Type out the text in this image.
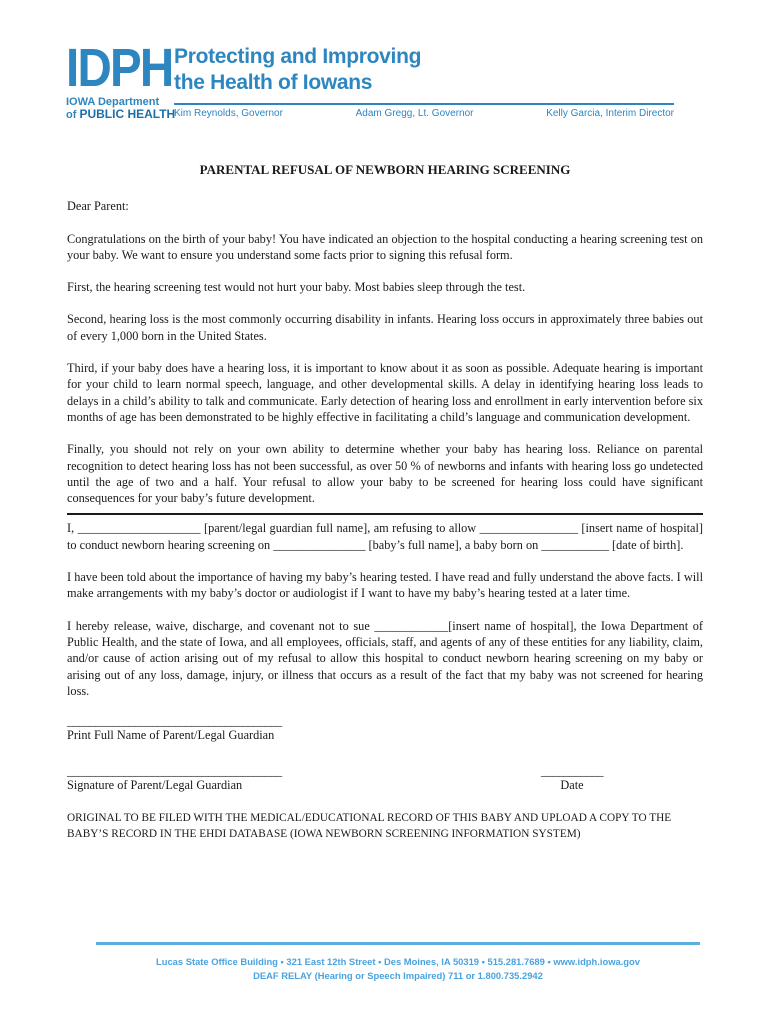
IDPH
IOWA Department
of PUBLIC HEALTH
Protecting and Improving
the Health of Iowans
Kim Reynolds, Governor	Adam Gregg, Lt. Governor	Kelly Garcia, Interim Director
PARENTAL REFUSAL OF NEWBORN HEARING SCREENING

Dear Parent:

Congratulations on the birth of your baby! You have indicated an objection to the hospital conducting a hearing screening test on your baby. We want to ensure you understand some facts prior to signing this refusal form.

First, the hearing screening test would not hurt your baby. Most babies sleep through the test.

Second, hearing loss is the most commonly occurring disability in infants. Hearing loss occurs in approximately three babies out of every 1,000 born in the United States.

Third, if your baby does have a hearing loss, it is important to know about it as soon as possible. Adequate hearing is important for your child to learn normal speech, language, and other developmental skills. A delay in identifying hearing loss leads to delays in a child’s ability to talk and communicate. Early detection of hearing loss and enrollment in early intervention before six months of age has been demonstrated to be highly effective in facilitating a child’s language and communication development.

Finally, you should not rely on your own ability to determine whether your baby has hearing loss. Reliance on parental recognition to detect hearing loss has not been successful, as over 50 % of newborns and infants with hearing loss go undetected until the age of two and a half. Your refusal to allow your baby to be screened for hearing loss could have significant consequences for your baby’s future development.

I, ____________________ [parent/legal guardian full name], am refusing to allow ________________ [insert name of hospital] to conduct newborn hearing screening on _______________ [baby’s full name], a baby born on ___________ [date of birth].

I have been told about the importance of having my baby’s hearing tested. I have read and fully understand the above facts. I will make arrangements with my baby’s doctor or audiologist if I want to have my baby’s hearing tested at a later time.

I hereby release, waive, discharge, and covenant not to sue ____________[insert name of hospital], the Iowa Department of Public Health, and the state of Iowa, and all employees, officials, staff, and agents of any of these entities for any liability, claim, and/or cause of action arising out of my refusal to allow this hospital to conduct newborn hearing screening on my baby or arising out of any loss, damage, injury, or illness that occurs as a result of the fact that my baby was not screened for hearing loss.

______________________________________
Print Full Name of Parent/Legal Guardian
______________________________________
Signature of Parent/Legal Guardian
___________
Date
ORIGINAL TO BE FILED WITH THE MEDICAL/EDUCATIONAL RECORD OF THIS BABY AND UPLOAD A COPY TO THE BABY’S RECORD IN THE EHDI DATABASE (IOWA NEWBORN SCREENING INFORMATION SYSTEM)
Lucas State Office Building • 321 East 12th Street • Des Moines, IA 50319 • 515.281.7689 • www.idph.iowa.gov
DEAF RELAY (Hearing or Speech Impaired) 711 or 1.800.735.2942
